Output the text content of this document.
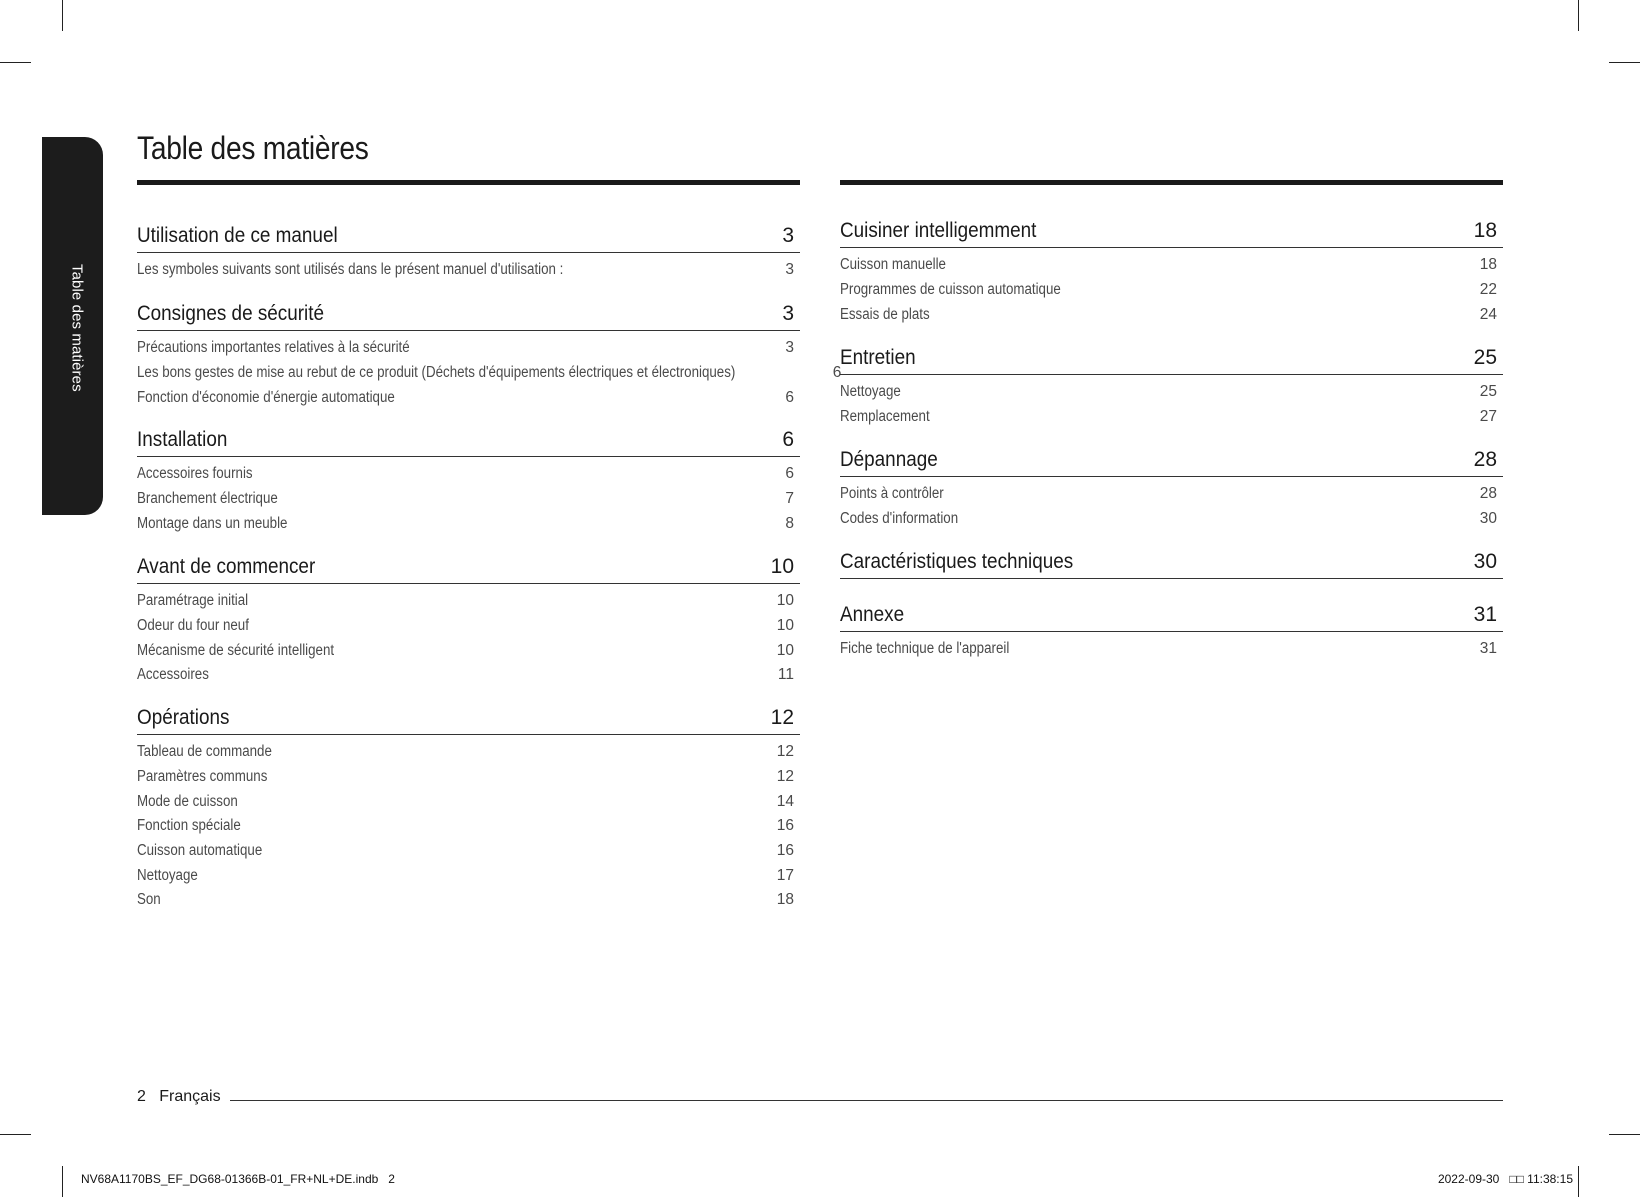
Table des matières
Table des matières
Utilisation de ce manuel	3
Les symboles suivants sont utilisés dans le présent manuel d'utilisation :	3
Consignes de sécurité	3
Précautions importantes relatives à la sécurité	3
Les bons gestes de mise au rebut de ce produit (Déchets d'équipements électriques et électroniques)	6
Fonction d'économie d'énergie automatique	6
Installation	6
Accessoires fournis	6
Branchement électrique	7
Montage dans un meuble	8
Avant de commencer	10
Paramétrage initial	10
Odeur du four neuf	10
Mécanisme de sécurité intelligent	10
Accessoires	11
Opérations	12
Tableau de commande	12
Paramètres communs	12
Mode de cuisson	14
Fonction spéciale	16
Cuisson automatique	16
Nettoyage	17
Son	18
Cuisiner intelligemment	18
Cuisson manuelle	18
Programmes de cuisson automatique	22
Essais de plats	24
Entretien	25
Nettoyage	25
Remplacement	27
Dépannage	28
Points à contrôler	28
Codes d'information	30
Caractéristiques techniques	30
Annexe	31
Fiche technique de l'appareil	31
2 Français
NV68A1170BS_EF_DG68-01366B-01_FR+NL+DE.indb   2	2022-09-30   □□ 11:38:15
